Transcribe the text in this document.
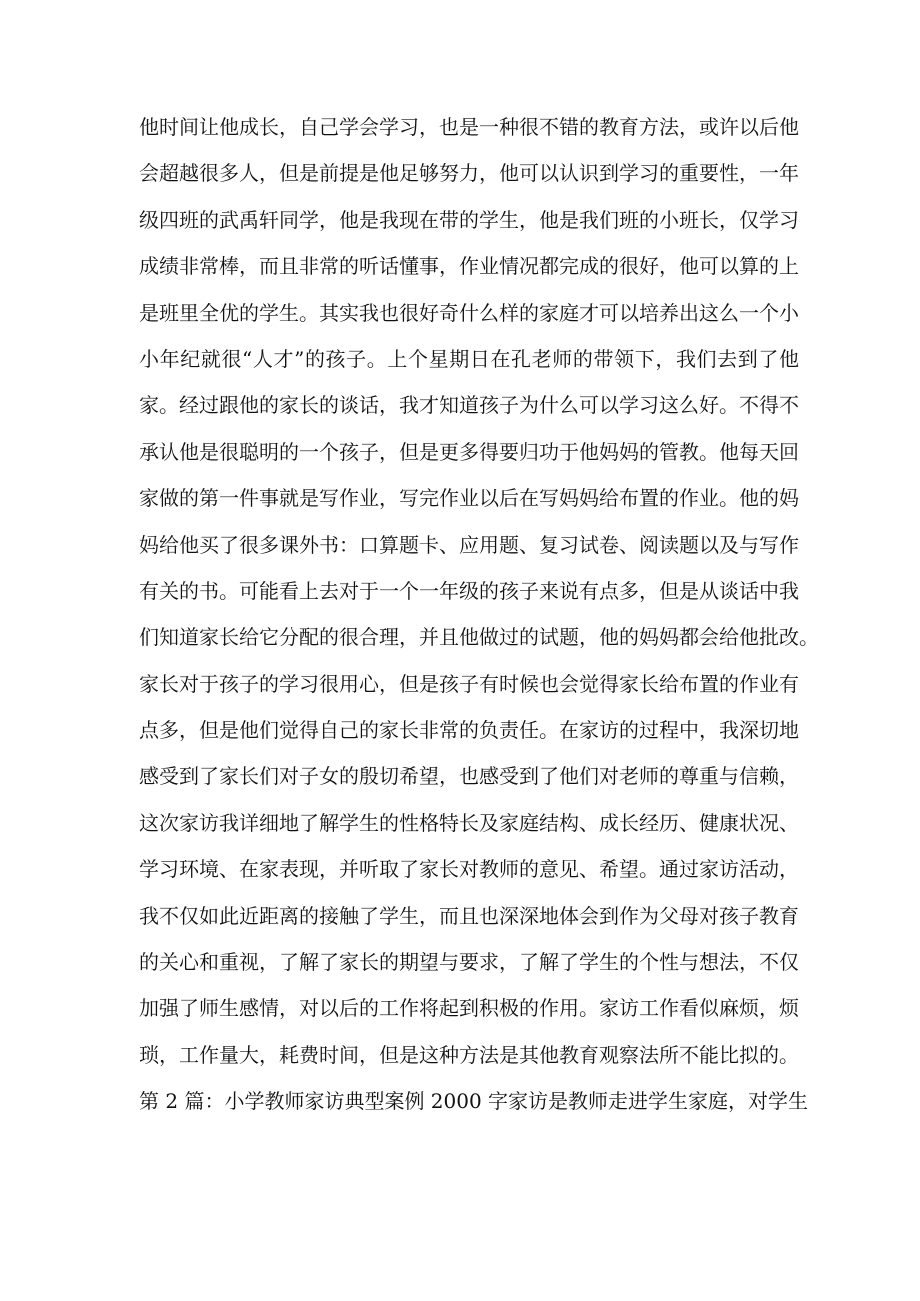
他时间让他成长，自己学会学习，也是一种很不错的教育方法，或许以后他
会超越很多人，但是前提是他足够努力，他可以认识到学习的重要性，一年
级四班的武禹轩同学，他是我现在带的学生，他是我们班的小班长，仅学习
成绩非常棒，而且非常的听话懂事，作业情况都完成的很好，他可以算的上
是班里全优的学生。其实我也很好奇什么样的家庭才可以培养出这么一个小
小年纪就很“人才”的孩子。上个星期日在孔老师的带领下，我们去到了他
家。经过跟他的家长的谈话，我才知道孩子为什么可以学习这么好。不得不
承认他是很聪明的一个孩子，但是更多得要归功于他妈妈的管教。他每天回
家做的第一件事就是写作业，写完作业以后在写妈妈给布置的作业。他的妈
妈给他买了很多课外书：口算题卡、应用题、复习试卷、阅读题以及与写作
有关的书。可能看上去对于一个一年级的孩子来说有点多，但是从谈话中我
们知道家长给它分配的很合理，并且他做过的试题，他的妈妈都会给他批改。
家长对于孩子的学习很用心，但是孩子有时候也会觉得家长给布置的作业有
点多，但是他们觉得自己的家长非常的负责任。在家访的过程中，我深切地
感受到了家长们对子女的殷切希望，也感受到了他们对老师的尊重与信赖，
这次家访我详细地了解学生的性格特长及家庭结构、成长经历、健康状况、
学习环境、在家表现，并听取了家长对教师的意见、希望。通过家访活动，
我不仅如此近距离的接触了学生，而且也深深地体会到作为父母对孩子教育
的关心和重视，了解了家长的期望与要求，了解了学生的个性与想法，不仅
加强了师生感情，对以后的工作将起到积极的作用。家访工作看似麻烦，烦
琐，工作量大，耗费时间，但是这种方法是其他教育观察法所不能比拟的。
第 2 篇：小学教师家访典型案例 2000 字家访是教师走进学生家庭，对学生
